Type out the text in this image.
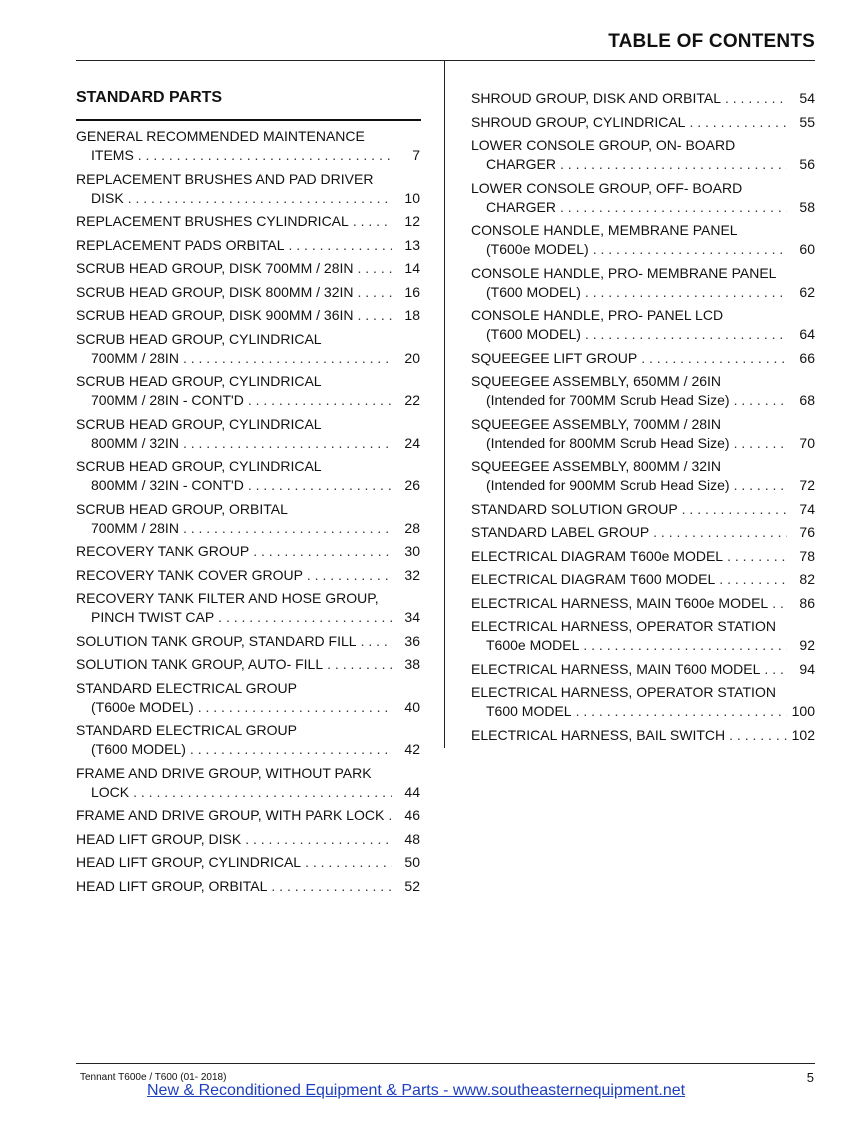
TABLE OF CONTENTS
STANDARD PARTS
GENERAL RECOMMENDED MAINTENANCE
ITEMS . . .	7
REPLACEMENT BRUSHES AND PAD DRIVER
DISK . . .	10
REPLACEMENT BRUSHES CYLINDRICAL . . .	12
REPLACEMENT PADS ORBITAL . . .	13
SCRUB HEAD GROUP, DISK 700MM / 28IN . . .	14
SCRUB HEAD GROUP, DISK 800MM / 32IN . . .	16
SCRUB HEAD GROUP, DISK 900MM / 36IN . . .	18
SCRUB HEAD GROUP, CYLINDRICAL
700MM / 28IN . . .	20
SCRUB HEAD GROUP, CYLINDRICAL
700MM / 28IN - CONT'D . . .	22
SCRUB HEAD GROUP, CYLINDRICAL
800MM / 32IN . . .	24
SCRUB HEAD GROUP, CYLINDRICAL
800MM / 32IN - CONT'D . . .	26
SCRUB HEAD GROUP, ORBITAL
700MM / 28IN . . .	28
RECOVERY TANK GROUP . . .	30
RECOVERY TANK COVER GROUP . . .	32
RECOVERY TANK FILTER AND HOSE GROUP,
PINCH TWIST CAP . . .	34
SOLUTION TANK GROUP, STANDARD FILL . . .	36
SOLUTION TANK GROUP, AUTO- FILL . . .	38
STANDARD ELECTRICAL GROUP
(T600e MODEL) . . .	40
STANDARD ELECTRICAL GROUP
(T600 MODEL) . . .	42
FRAME AND DRIVE GROUP, WITHOUT PARK
LOCK . . .	44
FRAME AND DRIVE GROUP, WITH PARK LOCK . . .	46
HEAD LIFT GROUP, DISK . . .	48
HEAD LIFT GROUP, CYLINDRICAL . . .	50
HEAD LIFT GROUP, ORBITAL . . .	52
SHROUD GROUP, DISK AND ORBITAL . . .	54
SHROUD GROUP, CYLINDRICAL . . .	55
LOWER CONSOLE GROUP, ON- BOARD
CHARGER . . .	56
LOWER CONSOLE GROUP, OFF- BOARD
CHARGER . . .	58
CONSOLE HANDLE, MEMBRANE PANEL
(T600e MODEL) . . .	60
CONSOLE HANDLE, PRO- MEMBRANE PANEL
(T600 MODEL) . . .	62
CONSOLE HANDLE, PRO- PANEL LCD
(T600 MODEL) . . .	64
SQUEEGEE LIFT GROUP . . .	66
SQUEEGEE ASSEMBLY, 650MM / 26IN
(Intended for 700MM Scrub Head Size) . . .	68
SQUEEGEE ASSEMBLY, 700MM / 28IN
(Intended for 800MM Scrub Head Size) . . .	70
SQUEEGEE ASSEMBLY, 800MM / 32IN
(Intended for 900MM Scrub Head Size) . . .	72
STANDARD SOLUTION GROUP . . .	74
STANDARD LABEL GROUP . . .	76
ELECTRICAL DIAGRAM T600e MODEL . . .	78
ELECTRICAL DIAGRAM T600 MODEL . . .	82
ELECTRICAL HARNESS, MAIN T600e MODEL . . .	86
ELECTRICAL HARNESS, OPERATOR STATION
T600e MODEL . . .	92
ELECTRICAL HARNESS, MAIN T600 MODEL . . .	94
ELECTRICAL HARNESS, OPERATOR STATION
T600 MODEL . . .	100
ELECTRICAL HARNESS, BAIL SWITCH . . .	102
Tennant T600e / T600 (01- 2018)	5
New & Reconditioned Equipment & Parts - www.southeasternequipment.net
